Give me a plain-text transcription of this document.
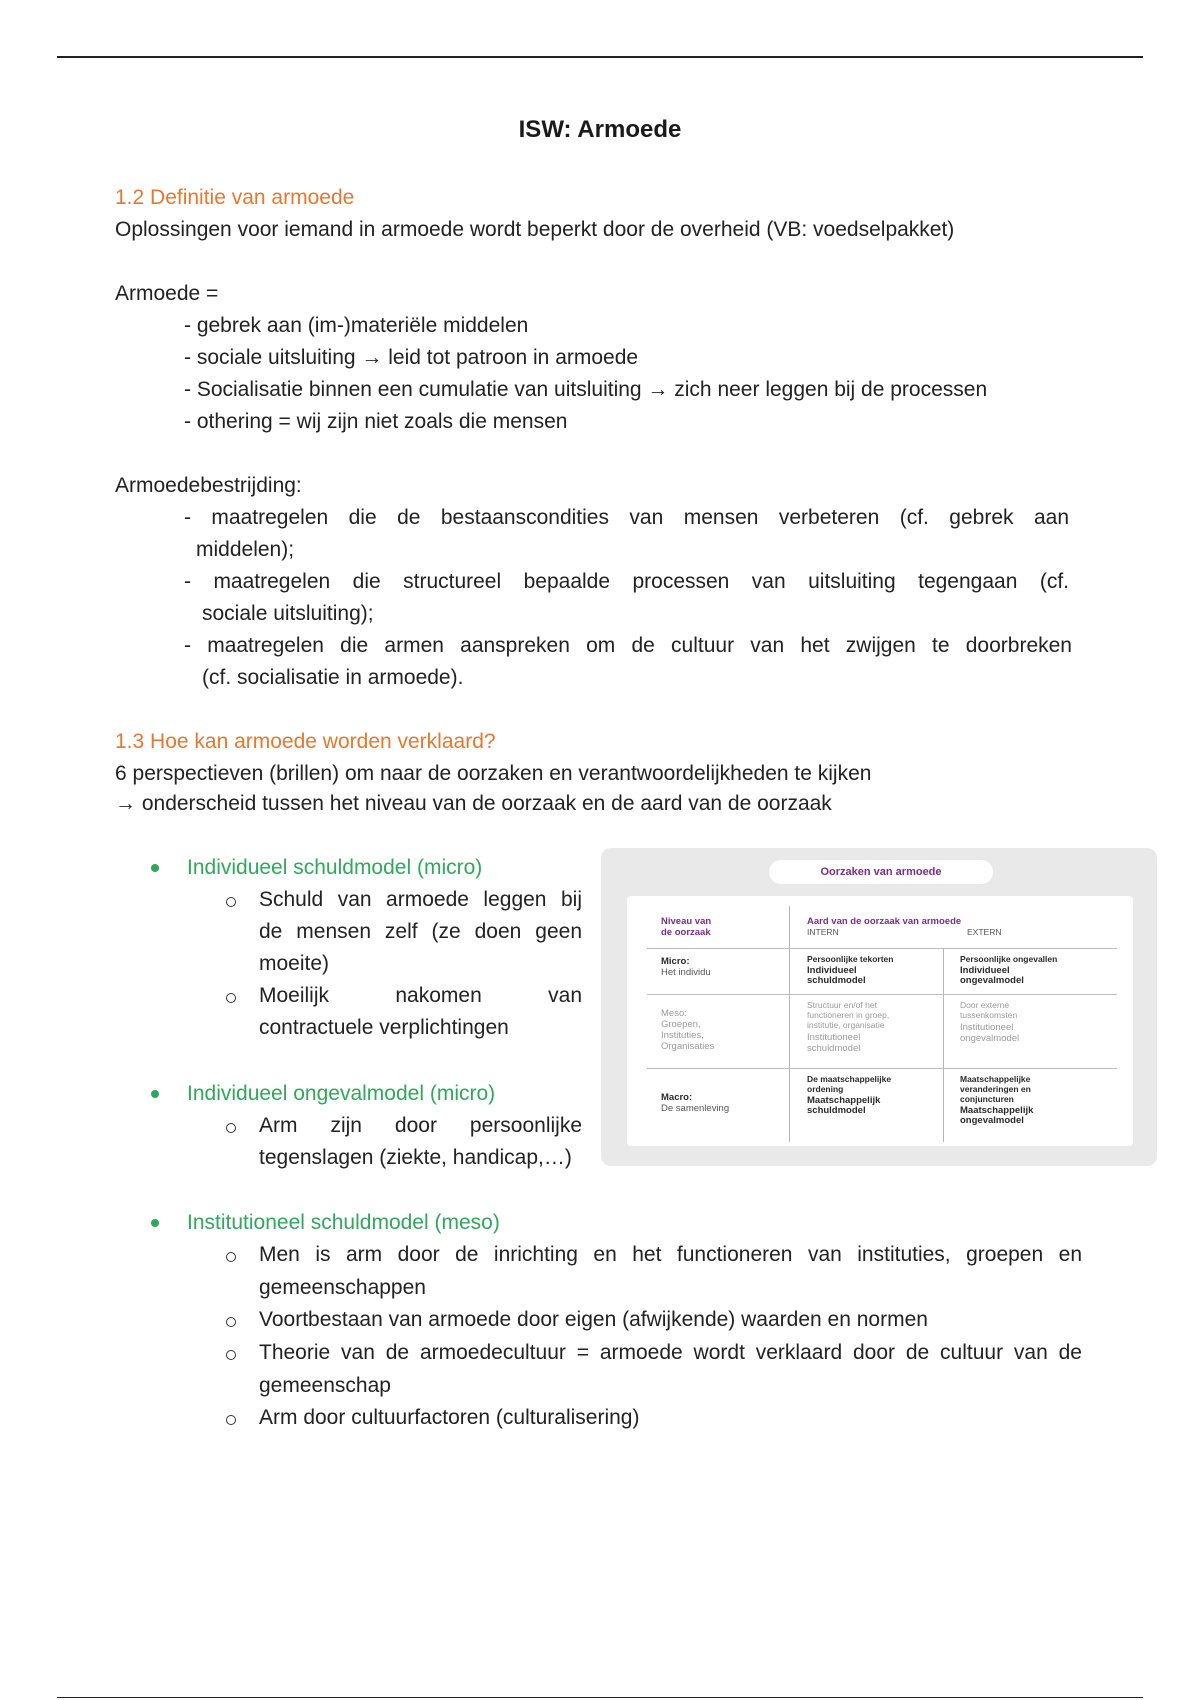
ISW: Armoede
1.2 Definitie van armoede
Oplossingen voor iemand in armoede wordt beperkt door de overheid (VB: voedselpakket)
Armoede =
- gebrek aan (im-)materiële middelen
- sociale uitsluiting → leid tot patroon in armoede
- Socialisatie binnen een cumulatie van uitsluiting → zich neer leggen bij de processen
- othering = wij zijn niet zoals die mensen
Armoedebestrijding:
- maatregelen die de bestaanscondities van mensen verbeteren (cf. gebrek aan
middelen);
- maatregelen die structureel bepaalde processen van uitsluiting tegengaan (cf.
sociale uitsluiting);
- maatregelen die armen aanspreken om de cultuur van het zwijgen te doorbreken
(cf. socialisatie in armoede).
1.3 Hoe kan armoede worden verklaard?
6 perspectieven (brillen) om naar de oorzaken en verantwoordelijkheden te kijken
→ onderscheid tussen het niveau van de oorzaak en de aard van de oorzaak
Individueel schuldmodel (micro)
Schuld van armoede leggen bij
de mensen zelf (ze doen geen
moeite)
Moeilijk nakomen van
contractuele verplichtingen
Individueel ongevalmodel (micro)
Arm zijn door persoonlijke
tegenslagen (ziekte, handicap,…)
Institutioneel schuldmodel (meso)
Men is arm door de inrichting en het functioneren van instituties, groepen en
gemeenschappen
Voortbestaan van armoede door eigen (afwijkende) waarden en normen
Theorie van de armoedecultuur = armoede wordt verklaard door de cultuur van de
gemeenschap
Arm door cultuurfactoren (culturalisering)
Oorzaken van armoede
Niveau van
de oorzaak
Aard van de oorzaak van armoede
INTERN	EXTERN
Micro:
Het individu
Persoonlijke tekorten
Individueel
schuldmodel
Persoonlijke ongevallen
Individueel
ongevalmodel
Meso:
Groepen,
Instituties,
Organisaties
Structuur en/of het
functioneren in groep,
institutie, organisatie
Institutioneel
schuldmodel
Door externe
tussenkomsten
Institutioneel
ongevalmodel
Macro:
De samenleving
De maatschappelijke
ordening
Maatschappelijk
schuldmodel
Maatschappelijke
veranderingen en
conjuncturen
Maatschappelijk
ongevalmodel
